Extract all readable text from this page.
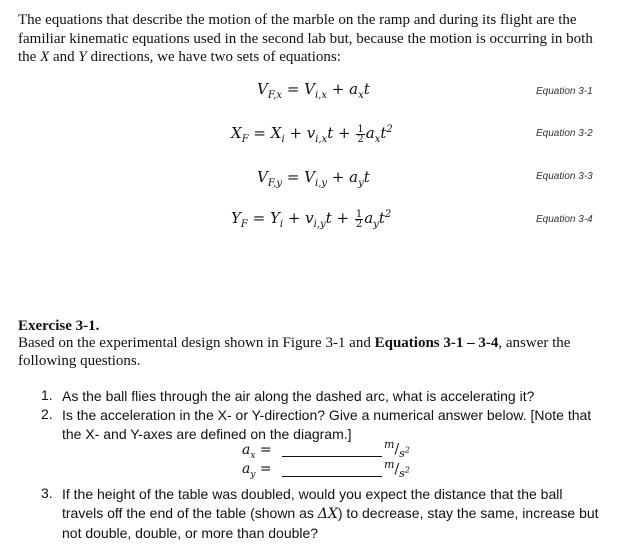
The equations that describe the motion of the marble on the ramp and during its flight are the
familiar kinematic equations used in the second lab but, because the motion is occurring in both
the X and Y directions, we have two sets of equations:
$V_{F,x} = V_{i,x} + a_xt$	Equation 3-1
$X_F = X_i + v_{i,x}t + \frac{1}{2} a_xt^2$	Equation 3-2
$V_{F,y} = V_{i,y} + a_yt$	Equation 3-3
$Y_F = Y_i + v_{i,y}t + \frac{1}{2} a_yt^2$	Equation 3-4
Exercise 3-1.
Based on the experimental design shown in Figure 3-1 and Equations 3-1 – 3-4, answer the
following questions.
1. As the ball flies through the air along the dashed arc, what is accelerating it?
2. Is the acceleration in the X- or Y-direction? Give a numerical answer below. [Note that
the X- and Y-axes are defined on the diagram.]
$a_x$ =	$^m/_{s^2}$
$a_y$ =	$^m/_{s^2}$
3. If the height of the table was doubled, would you expect the distance that the ball
travels off the end of the table (shown as ΔX) to decrease, stay the same, increase but
not double, double, or more than double?
